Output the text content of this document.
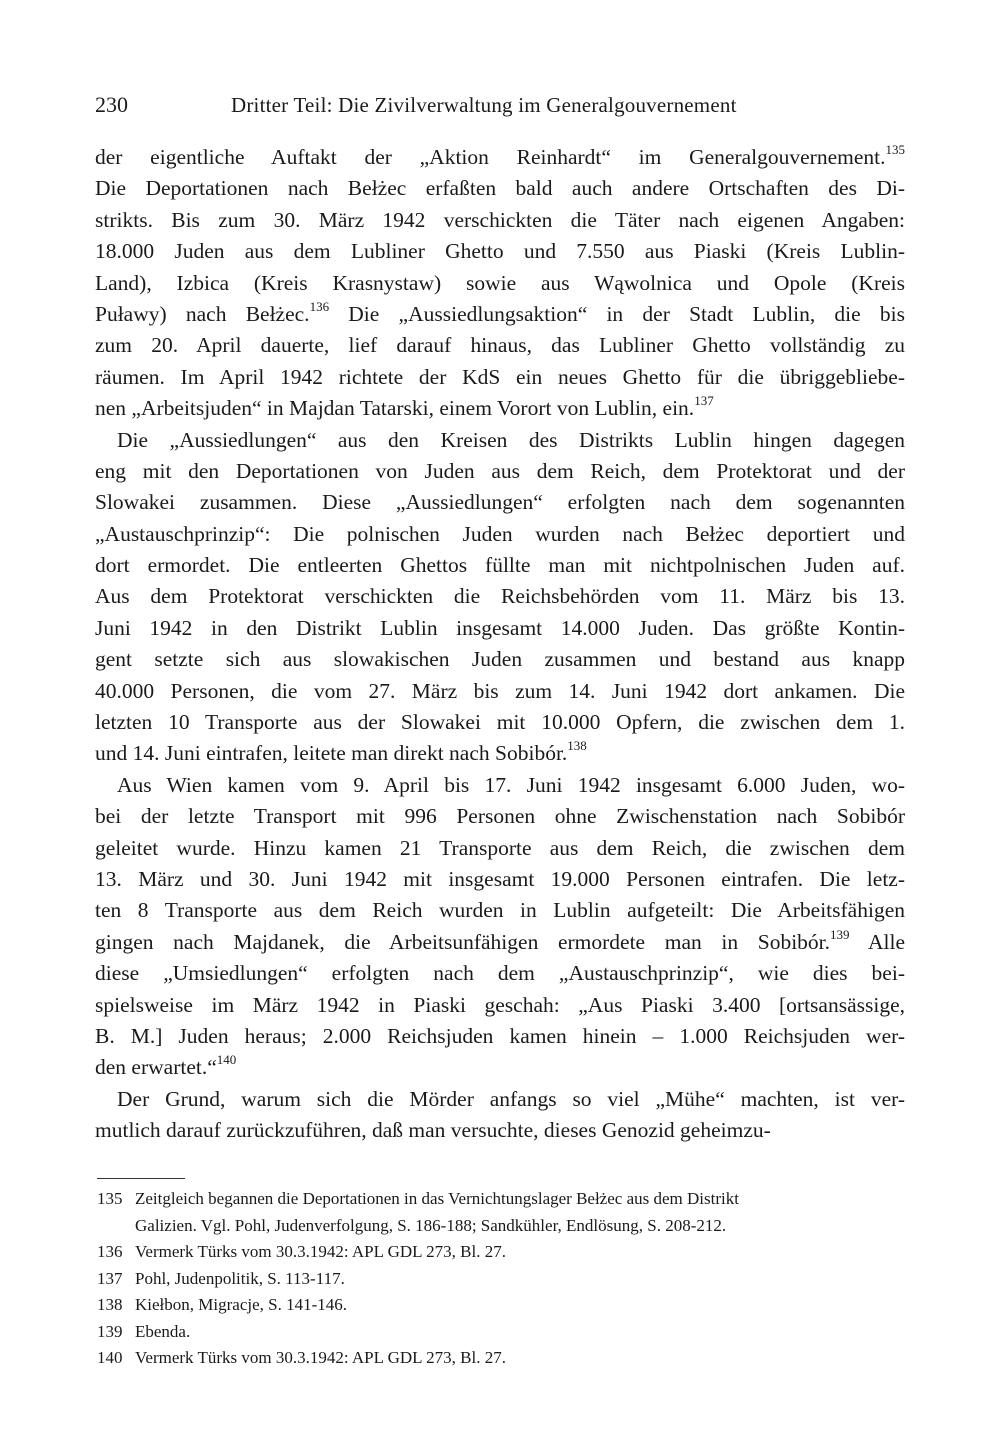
230	Dritter Teil: Die Zivilverwaltung im Generalgouvernement
der eigentliche Auftakt der „Aktion Reinhardt“ im Generalgouvernement.$^{135}$
Die Deportationen nach Bełżec erfaßten bald auch andere Ortschaften des Di-
strikts. Bis zum 30. März 1942 verschickten die Täter nach eigenen Angaben:
18.000 Juden aus dem Lubliner Ghetto und 7.550 aus Piaski (Kreis Lublin-
Land), Izbica (Kreis Krasnystaw) sowie aus Wąwolnica und Opole (Kreis
Puławy) nach Bełżec.$^{136}$ Die „Aussiedlungsaktion“ in der Stadt Lublin, die bis
zum 20. April dauerte, lief darauf hinaus, das Lubliner Ghetto vollständig zu
räumen. Im April 1942 richtete der KdS ein neues Ghetto für die übriggebliebe-
nen „Arbeitsjuden“ in Majdan Tatarski, einem Vorort von Lublin, ein.$^{137}$
Die „Aussiedlungen“ aus den Kreisen des Distrikts Lublin hingen dagegen
eng mit den Deportationen von Juden aus dem Reich, dem Protektorat und der
Slowakei zusammen. Diese „Aussiedlungen“ erfolgten nach dem sogenannten
„Austauschprinzip“: Die polnischen Juden wurden nach Bełżec deportiert und
dort ermordet. Die entleerten Ghettos füllte man mit nichtpolnischen Juden auf.
Aus dem Protektorat verschickten die Reichsbehörden vom 11. März bis 13.
Juni 1942 in den Distrikt Lublin insgesamt 14.000 Juden. Das größte Kontin-
gent setzte sich aus slowakischen Juden zusammen und bestand aus knapp
40.000 Personen, die vom 27. März bis zum 14. Juni 1942 dort ankamen. Die
letzten 10 Transporte aus der Slowakei mit 10.000 Opfern, die zwischen dem 1.
und 14. Juni eintrafen, leitete man direkt nach Sobibór.$^{138}$
Aus Wien kamen vom 9. April bis 17. Juni 1942 insgesamt 6.000 Juden, wo-
bei der letzte Transport mit 996 Personen ohne Zwischenstation nach Sobibór
geleitet wurde. Hinzu kamen 21 Transporte aus dem Reich, die zwischen dem
13. März und 30. Juni 1942 mit insgesamt 19.000 Personen eintrafen. Die letz-
ten 8 Transporte aus dem Reich wurden in Lublin aufgeteilt: Die Arbeitsfähigen
gingen nach Majdanek, die Arbeitsunfähigen ermordete man in Sobibór.$^{139}$ Alle
diese „Umsiedlungen“ erfolgten nach dem „Austauschprinzip“, wie dies bei-
spielsweise im März 1942 in Piaski geschah: „Aus Piaski 3.400 [ortsansässige,
B. M.] Juden heraus; 2.000 Reichsjuden kamen hinein – 1.000 Reichsjuden wer-
den erwartet.“$^{140}$
Der Grund, warum sich die Mörder anfangs so viel „Mühe“ machten, ist ver-
mutlich darauf zurückzuführen, daß man versuchte, dieses Genozid geheimzu-
135 Zeitgleich begannen die Deportationen in das Vernichtungslager Bełżec aus dem Distrikt
Galizien. Vgl. Pohl, Judenverfolgung, S. 186-188; Sandkühler, Endlösung, S. 208-212.
136 Vermerk Türks vom 30.3.1942: APL GDL 273, Bl. 27.
137 Pohl, Judenpolitik, S. 113-117.
138 Kiełbon, Migracje, S. 141-146.
139 Ebenda.
140 Vermerk Türks vom 30.3.1942: APL GDL 273, Bl. 27.
